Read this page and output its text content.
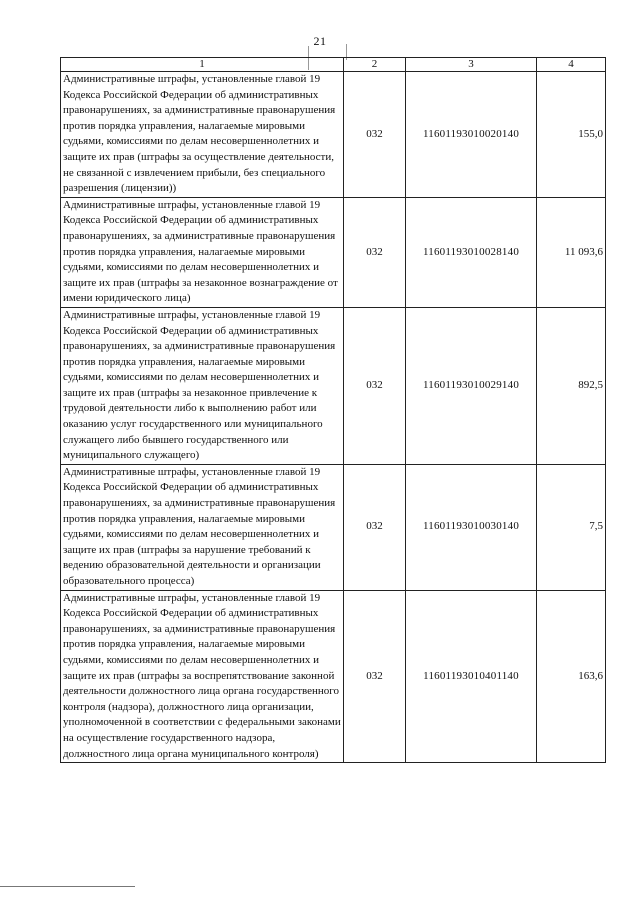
21
1	2	3	4
Административные штрафы, установленные главой 19 Кодекса Российской Федерации об административных правонарушениях, за административные правонарушения против порядка управления, налагаемые мировыми судьями, комиссиями по делам несовершеннолетних и защите их прав (штрафы за осуществление деятельности, не связанной с извлечением прибыли, без специального разрешения (лицензии))	032	11601193010020140	155,0
Административные штрафы, установленные главой 19 Кодекса Российской Федерации об административных правонарушениях, за административные правонарушения против порядка управления, налагаемые мировыми судьями, комиссиями по делам несовершеннолетних и защите их прав (штрафы за незаконное вознаграждение от имени юридического лица)	032	11601193010028140	11 093,6
Административные штрафы, установленные главой 19 Кодекса Российской Федерации об административных правонарушениях, за административные правонарушения против порядка управления, налагаемые мировыми судьями, комиссиями по делам несовершеннолетних и защите их прав (штрафы за незаконное привлечение к трудовой деятельности либо к выполнению работ или оказанию услуг государственного или муниципального служащего либо бывшего государственного или муниципального служащего)	032	11601193010029140	892,5
Административные штрафы, установленные главой 19 Кодекса Российской Федерации об административных правонарушениях, за административные правонарушения против порядка управления, налагаемые мировыми судьями, комиссиями по делам несовершеннолетних и защите их прав (штрафы за нарушение требований к ведению образовательной деятельности и организации образовательного процесса)	032	11601193010030140	7,5
Административные штрафы, установленные главой 19 Кодекса Российской Федерации об административных правонарушениях, за административные правонарушения против порядка управления, налагаемые мировыми судьями, комиссиями по делам несовершеннолетних и защите их прав (штрафы за воспрепятствование законной деятельности должностного лица органа государственного контроля (надзора), должностного лица организации, уполномоченной в соответствии с федеральными законами на осуществление государственного надзора, должностного лица органа муниципального контроля)	032	11601193010401140	163,6
